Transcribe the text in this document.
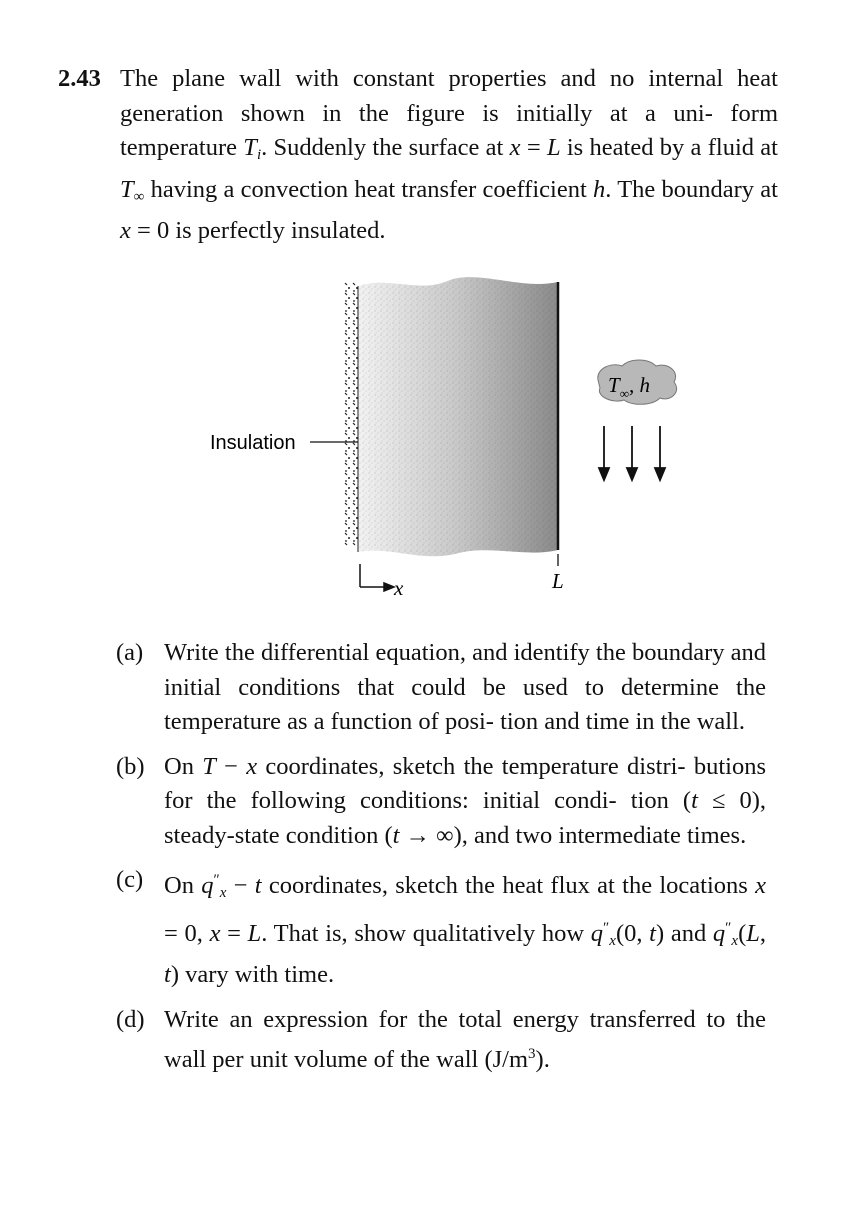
2.43 The plane wall with constant properties and no internal heat generation shown in the figure is initially at a uni- form temperature $T_i$. Suddenly the surface at x = L is heated by a fluid at $T_\infty$ having a convection heat transfer coefficient h. The boundary at x = 0 is perfectly insulated.
Insulation
$T_\infty$, h
x	L
(a) Write the differential equation, and identify the boundary and initial conditions that could be used to determine the temperature as a function of posi- tion and time in the wall.
(b) On T − x coordinates, sketch the temperature distri- butions for the following conditions: initial condi- tion (t ≤ 0), steady-state condition (t → ∞), and two intermediate times.
(c) On $q''_x - t$ coordinates, sketch the heat flux at the locations x = 0, x = L. That is, show qualitatively how $q''_x(0$, t) and $q''_x(L$, t) vary with time.
(d) Write an expression for the total energy transferred to the wall per unit volume of the wall $(J/m^3)$.
